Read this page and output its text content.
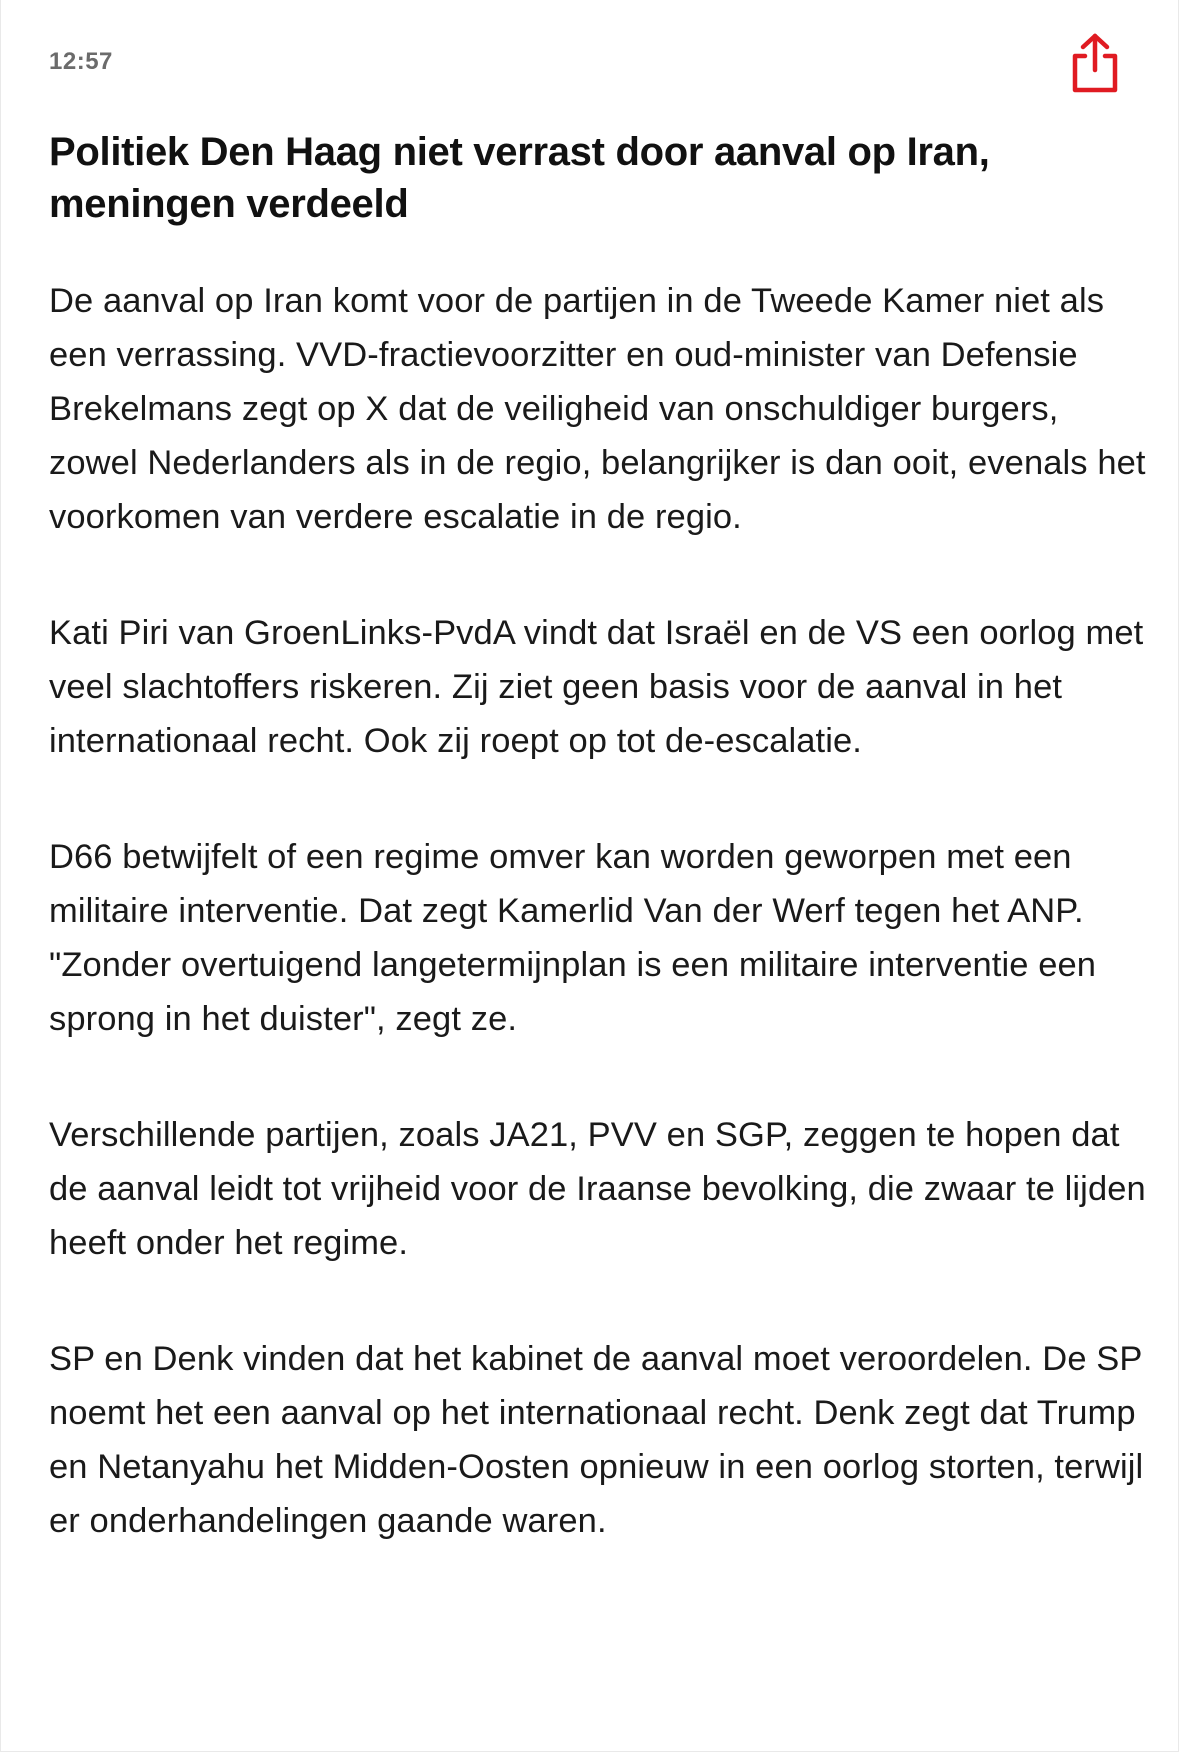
12:57
Politiek Den Haag niet verrast door aanval op Iran, meningen verdeeld

De aanval op Iran komt voor de partijen in de Tweede Kamer niet als een verrassing. VVD-fractievoorzitter en oud-minister van Defensie Brekelmans zegt op X dat de veiligheid van onschuldiger burgers, zowel Nederlanders als in de regio, belangrijker is dan ooit, evenals het voorkomen van verdere escalatie in de regio.

Kati Piri van GroenLinks-PvdA vindt dat Israël en de VS een oorlog met veel slachtoffers riskeren. Zij ziet geen basis voor de aanval in het internationaal recht. Ook zij roept op tot de-escalatie.

D66 betwijfelt of een regime omver kan worden geworpen met een militaire interventie. Dat zegt Kamerlid Van der Werf tegen het ANP. "Zonder overtuigend langetermijnplan is een militaire interventie een sprong in het duister", zegt ze.

Verschillende partijen, zoals JA21, PVV en SGP, zeggen te hopen dat de aanval leidt tot vrijheid voor de Iraanse bevolking, die zwaar te lijden heeft onder het regime.

SP en Denk vinden dat het kabinet de aanval moet veroordelen. De SP noemt het een aanval op het internationaal recht. Denk zegt dat Trump en Netanyahu het Midden-Oosten opnieuw in een oorlog storten, terwijl er onderhandelingen gaande waren.
